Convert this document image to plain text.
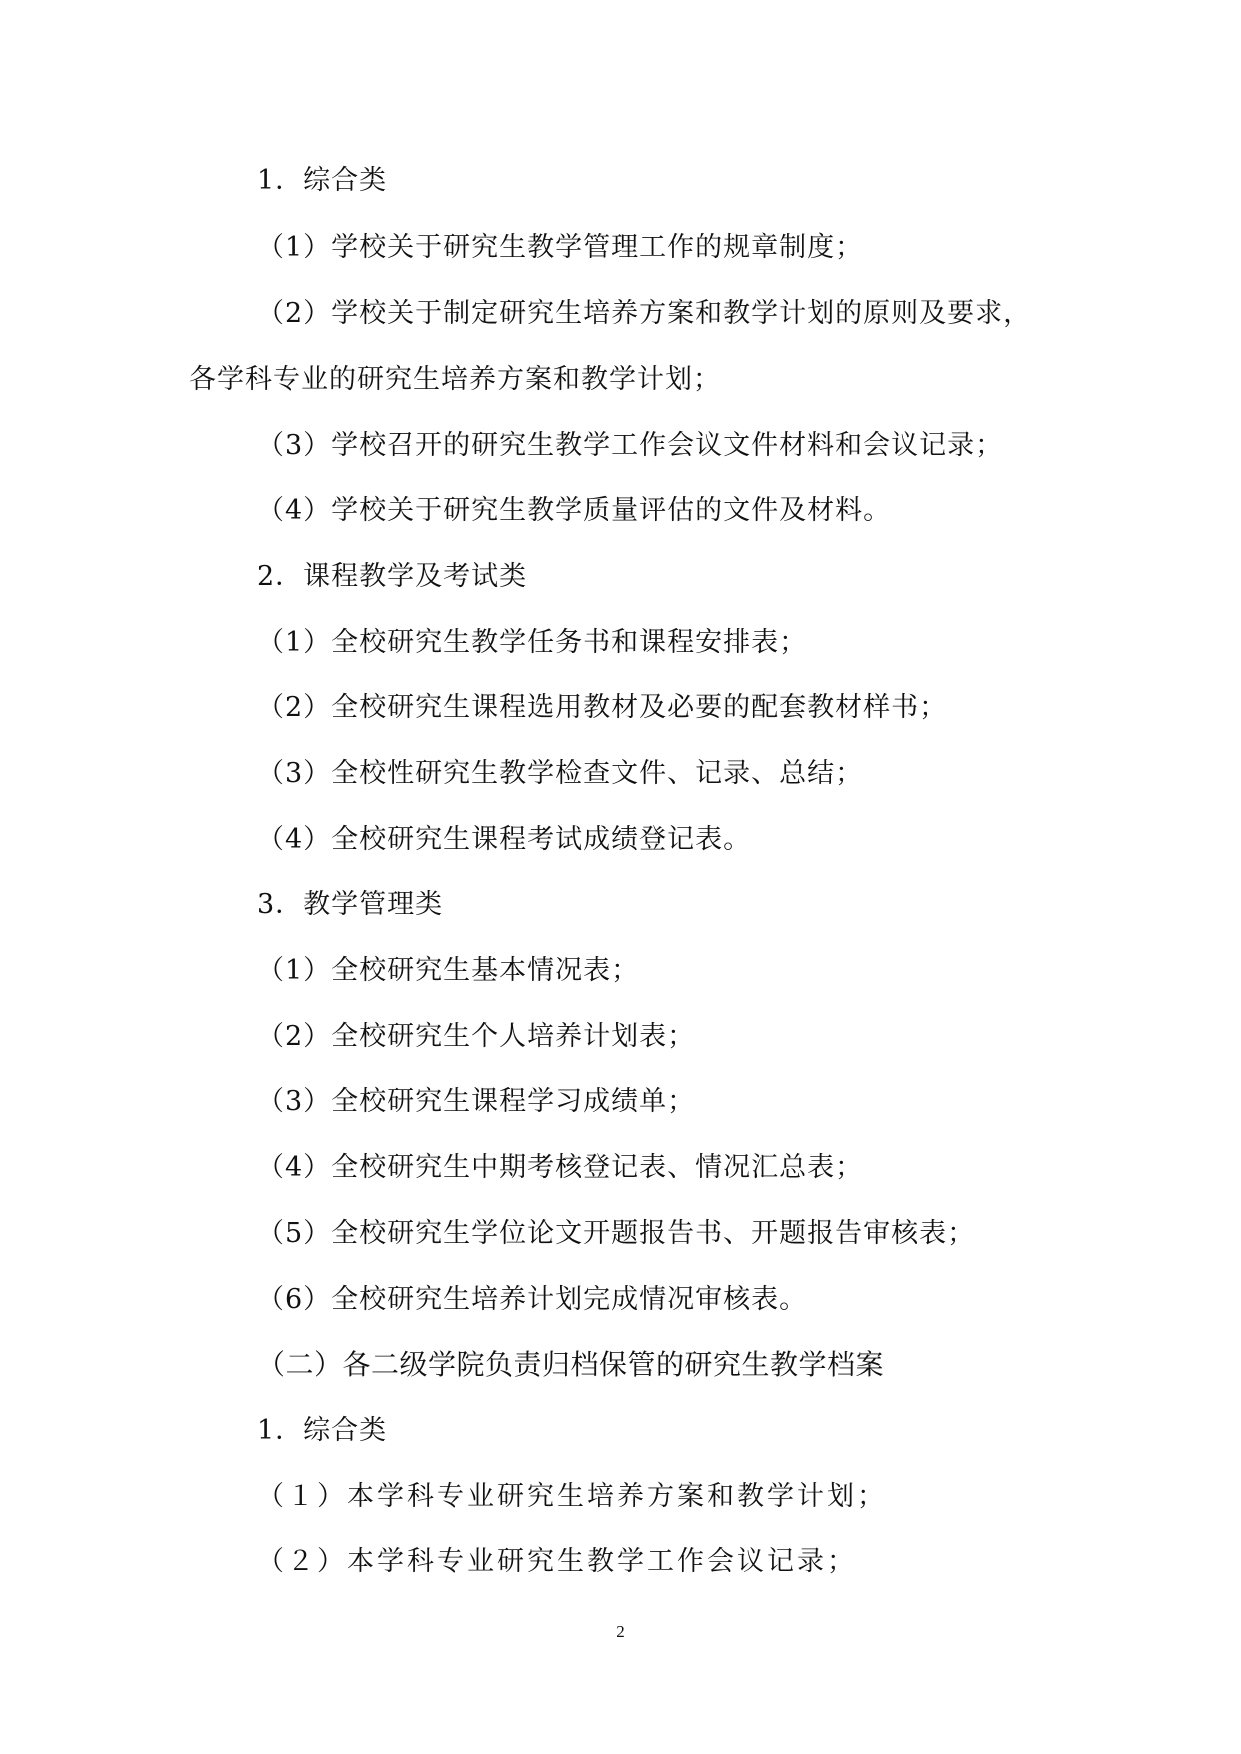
1．综合类
（1）学校关于研究生教学管理工作的规章制度；
（2）学校关于制定研究生培养方案和教学计划的原则及要求，
各学科专业的研究生培养方案和教学计划；
（3）学校召开的研究生教学工作会议文件材料和会议记录；
（4）学校关于研究生教学质量评估的文件及材料。
2．课程教学及考试类
（1）全校研究生教学任务书和课程安排表；
（2）全校研究生课程选用教材及必要的配套教材样书；
（3）全校性研究生教学检查文件、记录、总结；
（4）全校研究生课程考试成绩登记表。
3．教学管理类
（1）全校研究生基本情况表；
（2）全校研究生个人培养计划表；
（3）全校研究生课程学习成绩单；
（4）全校研究生中期考核登记表、情况汇总表；
（5）全校研究生学位论文开题报告书、开题报告审核表；
（6）全校研究生培养计划完成情况审核表。
（二）各二级学院负责归档保管的研究生教学档案
1．综合类
（１）本学科专业研究生培养方案和教学计划；
（２）本学科专业研究生教学工作会议记录；
2
